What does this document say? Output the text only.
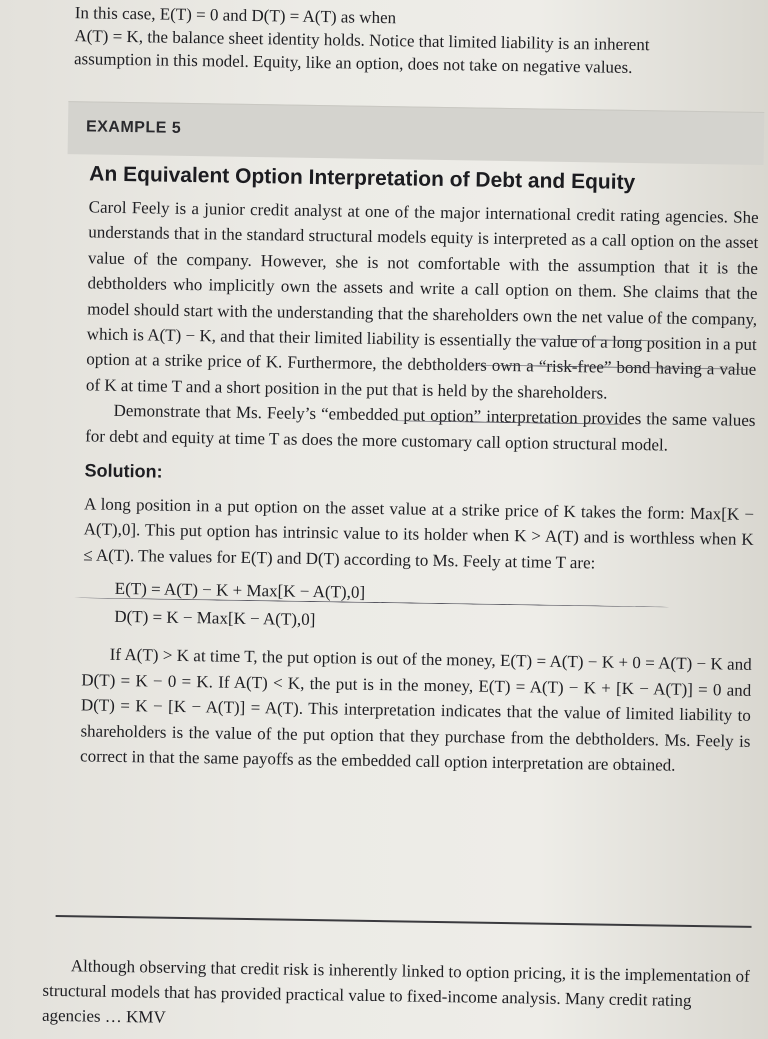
In this case, E(T) = 0 and D(T) = A(T) as when

A(T) = K, the balance sheet identity holds. Notice that limited liability is an inherent

assumption in this model. Equity, like an option, does not take on negative values.

EXAMPLE 5
An Equivalent Option Interpretation of Debt and Equity

Carol Feely is a junior credit analyst at one of the major international credit rating agencies. She understands that in the standard structural models equity is interpreted as a call option on the asset value of the company. However, she is not comfortable with the assumption that it is the debtholders who implicitly own the assets and write a call option on them. She claims that the model should start with the understanding that the shareholders own the net value of the company, which is A(T) − K, and that their limited liability is essentially the value of a long position in a put option at a strike price of K. Furthermore, the debtholders own a “risk-free” bond having a value of K at time T and a short position in the put that is held by the shareholders.

Demonstrate that Ms. Feely’s “embedded put option” interpretation provides the same values for debt and equity at time T as does the more customary call option structural model.

Solution:

A long position in a put option on the asset value at a strike price of K takes the form: Max[K − A(T),0]. This put option has intrinsic value to its holder when K > A(T) and is worthless when K ≤ A(T). The values for E(T) and D(T) according to Ms. Feely at time T are:

E(T) = A(T) − K + Max[K − A(T),0]
D(T) = K − Max[K − A(T),0]

If A(T) > K at time T, the put option is out of the money, E(T) = A(T) − K + 0 = A(T) − K and D(T) = K − 0 = K. If A(T) < K, the put is in the money, E(T) = A(T) − K + [K − A(T)] = 0 and D(T) = K − [K − A(T)] = A(T). This interpretation indicates that the value of limited liability to shareholders is the value of the put option that they purchase from the debtholders. Ms. Feely is correct in that the same payoffs as the embedded call option interpretation are obtained.

Although observing that credit risk is inherently linked to option pricing, it is the implementation of structural models that has provided practical value to fixed-income analysis. Many credit rating agencies … KMV
